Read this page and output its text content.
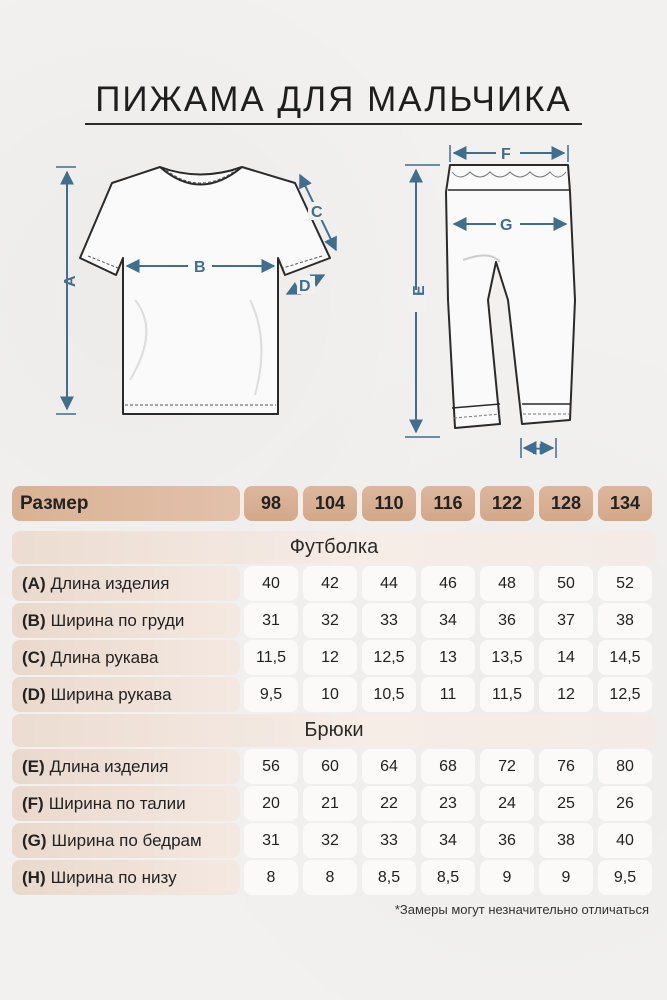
ПИЖАМА ДЛЯ МАЛЬЧИКА
A
B
C
D
F
G
E
H
Размер	98	104	110	116	122	128	134
Футболка
(A) Длина изделия	40	42	44	46	48	50	52
(B) Ширина по груди	31	32	33	34	36	37	38
(C) Длина рукава	11,5	12	12,5	13	13,5	14	14,5
(D) Ширина рукава	9,5	10	10,5	11	11,5	12	12,5
Брюки
(E) Длина изделия	56	60	64	68	72	76	80
(F) Ширина по талии	20	21	22	23	24	25	26
(G) Ширина по бедрам	31	32	33	34	36	38	40
(H) Ширина по низу	8	8	8,5	8,5	9	9	9,5
*Замеры могут незначительно отличаться
